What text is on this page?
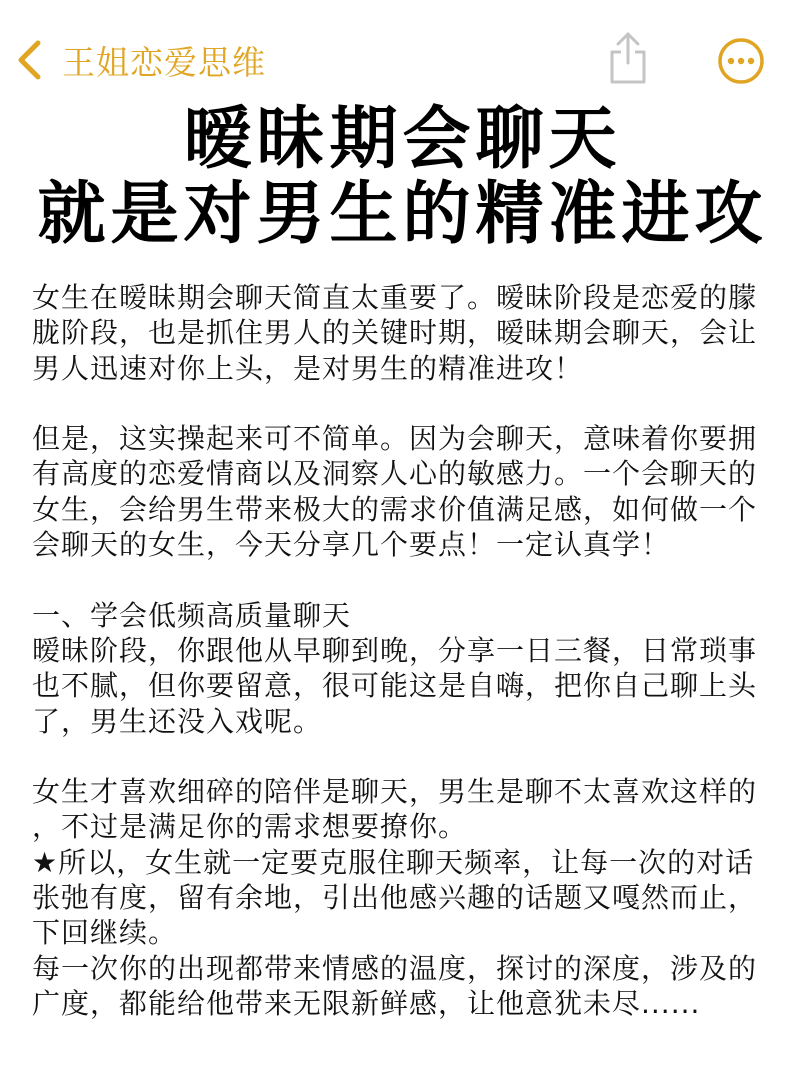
王姐恋爱思维
暧昧期会聊天
就是对男生的精准进攻
女生在暧昧期会聊天简直太重要了。暧昧阶段是恋爱的朦
胧阶段，也是抓住男人的关键时期，暧昧期会聊天，会让
男人迅速对你上头，是对男生的精准进攻！
但是，这实操起来可不简单。因为会聊天，意味着你要拥
有高度的恋爱情商以及洞察人心的敏感力。一个会聊天的
女生，会给男生带来极大的需求价值满足感，如何做一个
会聊天的女生，今天分享几个要点！一定认真学！
一、学会低频高质量聊天
暧昧阶段，你跟他从早聊到晚，分享一日三餐，日常琐事
也不腻，但你要留意，很可能这是自嗨，把你自己聊上头
了，男生还没入戏呢。
女生才喜欢细碎的陪伴是聊天，男生是聊不太喜欢这样的
，不过是满足你的需求想要撩你。
★所以，女生就一定要克服住聊天频率，让每一次的对话
张弛有度，留有余地，引出他感兴趣的话题又嘎然而止，
下回继续。
每一次你的出现都带来情感的温度，探讨的深度，涉及的
广度，都能给他带来无限新鲜感，让他意犹未尽......
